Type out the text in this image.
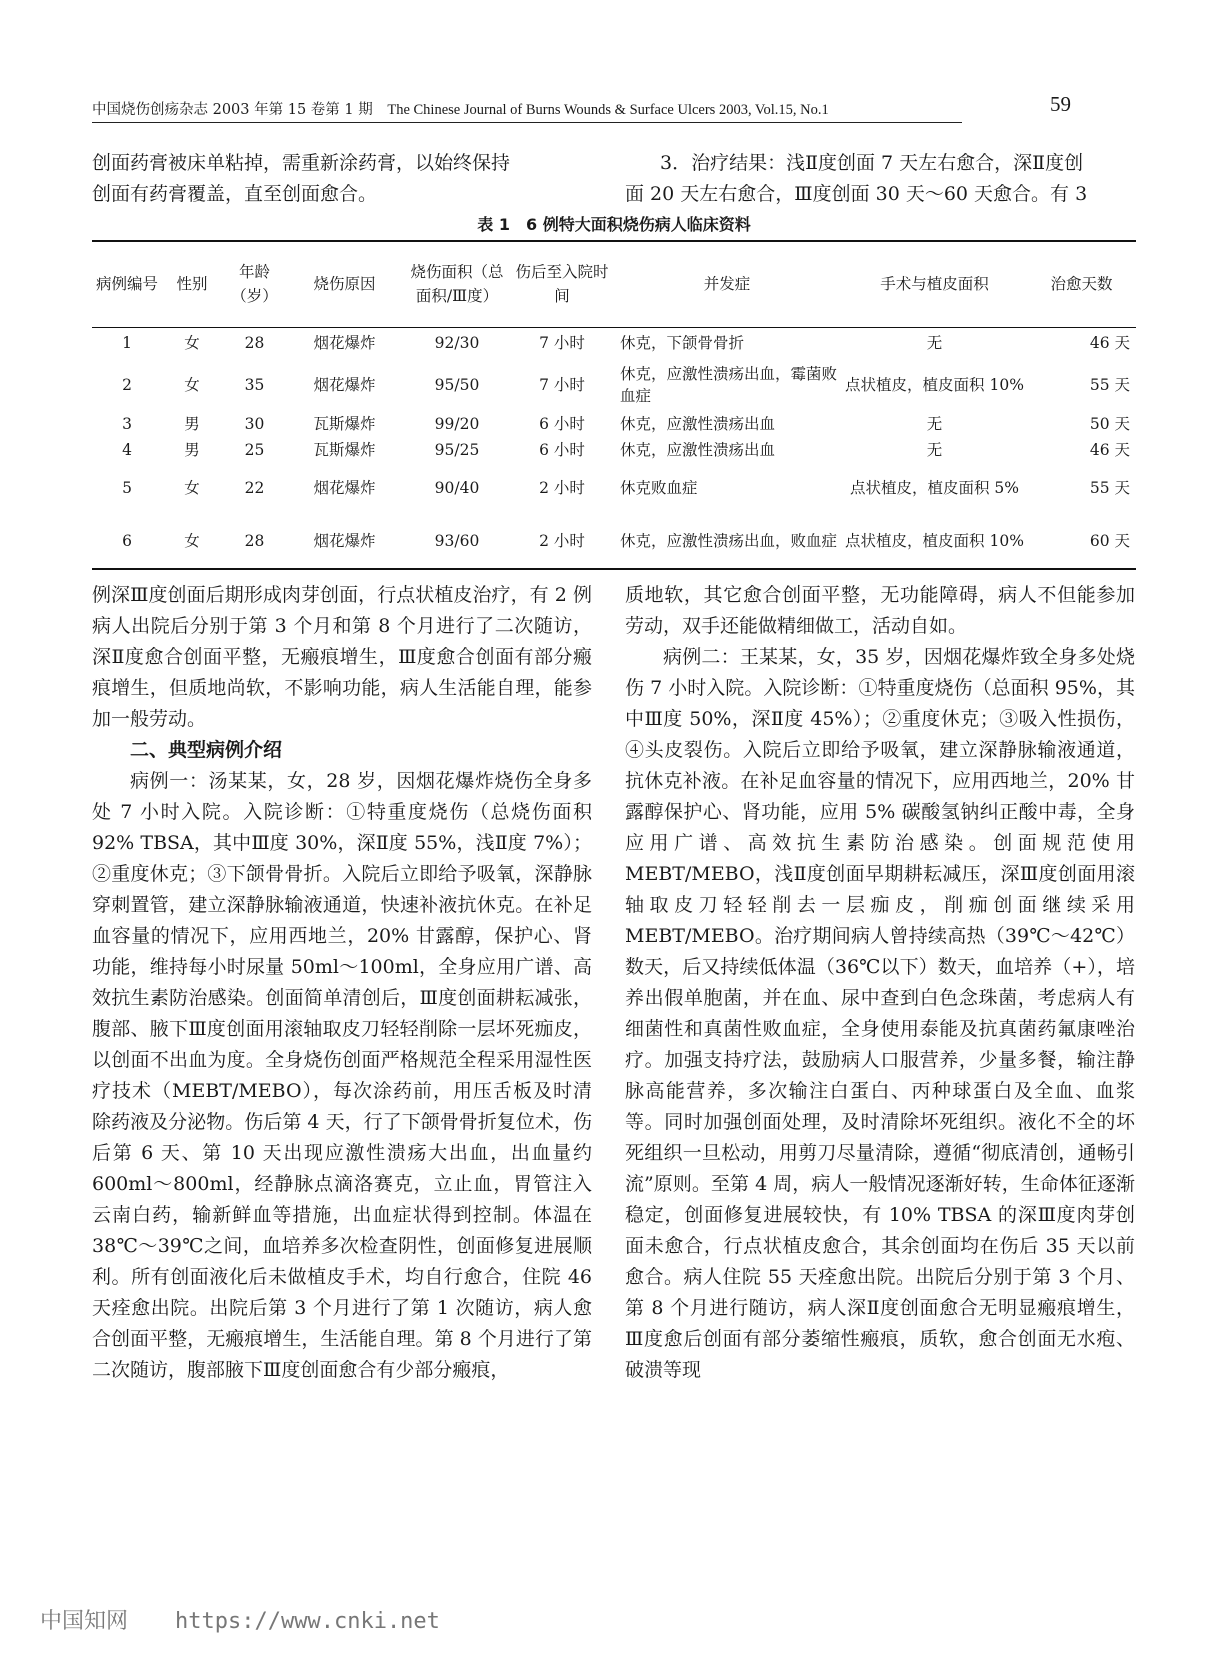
中国烧伤创疡杂志 2003 年第 15 卷第 1 期 The Chinese Journal of Burns Wounds & Surface Ulcers 2003, Vol.15, No.1	59
创面药膏被床单粘掉，需重新涂药膏，以始终保持
创面有药膏覆盖，直至创面愈合。
3．治疗结果：浅Ⅱ度创面 7 天左右愈合，深Ⅱ度创
面 20 天左右愈合，Ⅲ度创面 30 天～60 天愈合。有 3
表 1　6 例特大面积烧伤病人临床资料
病例编号	性别	年龄（岁）	烧伤原因	烧伤面积（总面积/Ⅲ度）	伤后至入院时间	并发症	手术与植皮面积	治愈天数
1	女	28	烟花爆炸	92/30	7 小时	休克，下颌骨骨折	无	46 天
2	女	35	烟花爆炸	95/50	7 小时	休克，应激性溃疡出血，霉菌败血症	点状植皮，植皮面积 10%	55 天
3	男	30	瓦斯爆炸	99/20	6 小时	休克，应激性溃疡出血	无	50 天
4	男	25	瓦斯爆炸	95/25	6 小时	休克，应激性溃疡出血	无	46 天
5	女	22	烟花爆炸	90/40	2 小时	休克败血症	点状植皮，植皮面积 5%	55 天
6	女	28	烟花爆炸	93/60	2 小时	休克，应激性溃疡出血，败血症	点状植皮，植皮面积 10%	60 天

例深Ⅲ度创面后期形成肉芽创面，行点状植皮治疗，有 2 例病人出院后分别于第 3 个月和第 8 个月进行了二次随访，深Ⅱ度愈合创面平整，无瘢痕增生，Ⅲ度愈合创面有部分瘢痕增生，但质地尚软，不影响功能，病人生活能自理，能参加一般劳动。

二、典型病例介绍

病例一：汤某某，女，28 岁，因烟花爆炸烧伤全身多处 7 小时入院。入院诊断：①特重度烧伤（总烧伤面积 92% TBSA，其中Ⅲ度 30%，深Ⅱ度 55%，浅Ⅱ度 7%）；②重度休克；③下颌骨骨折。入院后立即给予吸氧，深静脉穿刺置管，建立深静脉输液通道，快速补液抗休克。在补足血容量的情况下，应用西地兰，20% 甘露醇，保护心、肾功能，维持每小时尿量 50ml～100ml，全身应用广谱、高效抗生素防治感染。创面简单清创后，Ⅲ度创面耕耘减张，腹部、腋下Ⅲ度创面用滚轴取皮刀轻轻削除一层坏死痂皮，以创面不出血为度。全身烧伤创面严格规范全程采用湿性医疗技术（MEBT/MEBO），每次涂药前，用压舌板及时清除药液及分泌物。伤后第 4 天，行了下颌骨骨折复位术，伤后第 6 天、第 10 天出现应激性溃疡大出血，出血量约 600ml～800ml，经静脉点滴洛赛克，立止血，胃管注入云南白药，输新鲜血等措施，出血症状得到控制。体温在 38℃～39℃之间，血培养多次检查阴性，创面修复进展顺利。所有创面液化后未做植皮手术，均自行愈合，住院 46 天痊愈出院。出院后第 3 个月进行了第 1 次随访，病人愈合创面平整，无瘢痕增生，生活能自理。第 8 个月进行了第二次随访，腹部腋下Ⅲ度创面愈合有少部分瘢痕，

质地软，其它愈合创面平整，无功能障碍，病人不但能参加劳动，双手还能做精细做工，活动自如。

病例二：王某某，女，35 岁，因烟花爆炸致全身多处烧伤 7 小时入院。入院诊断：①特重度烧伤（总面积 95%，其中Ⅲ度 50%，深Ⅱ度 45%）；②重度休克；③吸入性损伤，④头皮裂伤。入院后立即给予吸氧，建立深静脉输液通道，抗休克补液。在补足血容量的情况下，应用西地兰，20% 甘露醇保护心、肾功能，应用 5% 碳酸氢钠纠正酸中毒，全身应用广谱、高效抗生素防治感染。创面规范使用 MEBT/MEBO，浅Ⅱ度创面早期耕耘减压，深Ⅲ度创面用滚轴取皮刀轻轻削去一层痂皮，削痂创面继续采用 MEBT/MEBO。治疗期间病人曾持续高热（39℃～42℃）数天，后又持续低体温（36℃以下）数天，血培养（+），培养出假单胞菌，并在血、尿中查到白色念珠菌，考虑病人有细菌性和真菌性败血症，全身使用泰能及抗真菌药氟康唑治疗。加强支持疗法，鼓励病人口服营养，少量多餐，输注静脉高能营养，多次输注白蛋白、丙种球蛋白及全血、血浆等。同时加强创面处理，及时清除坏死组织。液化不全的坏死组织一旦松动，用剪刀尽量清除，遵循“彻底清创，通畅引流”原则。至第 4 周，病人一般情况逐渐好转，生命体征逐渐稳定，创面修复进展较快，有 10% TBSA 的深Ⅲ度肉芽创面未愈合，行点状植皮愈合，其余创面均在伤后 35 天以前愈合。病人住院 55 天痊愈出院。出院后分别于第 3 个月、第 8 个月进行随访，病人深Ⅱ度创面愈合无明显瘢痕增生，Ⅲ度愈后创面有部分萎缩性瘢痕，质软，愈合创面无水疱、破溃等现

中国知网 https://www.cnki.net
